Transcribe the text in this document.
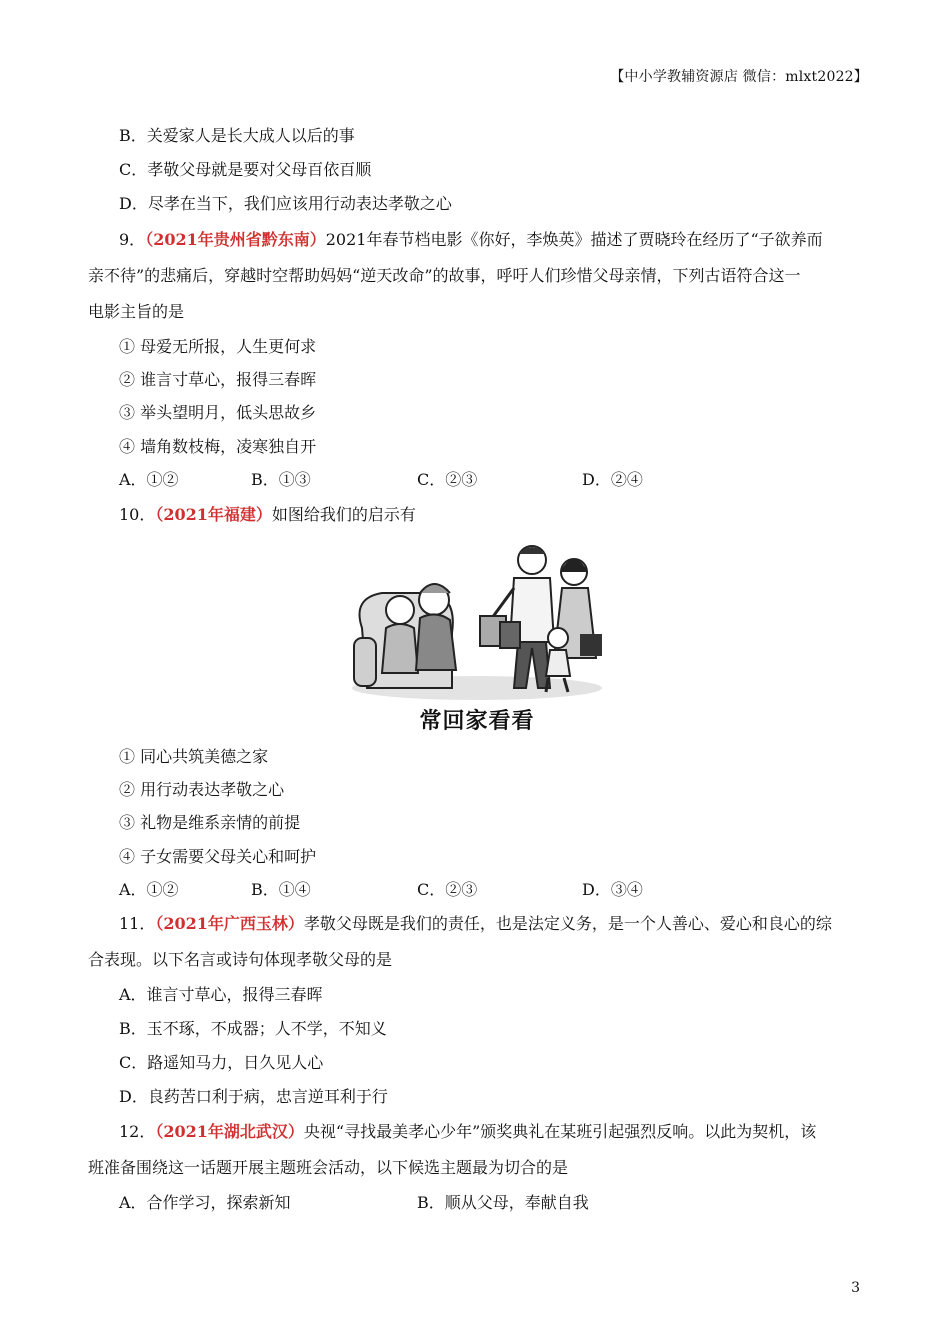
【中小学教辅资源店 微信：mlxt2022】
B．关爱家人是长大成人以后的事
C．孝敬父母就是要对父母百依百顺
D．尽孝在当下，我们应该用行动表达孝敬之心
9．（2021年贵州省黔东南）2021年春节档电影《你好，李焕英》描述了贾晓玲在经历了“子欲养而
亲不待”的悲痛后，穿越时空帮助妈妈“逆天改命”的故事，呼吁人们珍惜父母亲情，下列古语符合这一
电影主旨的是
① 母爱无所报，人生更何求
② 谁言寸草心，报得三春晖
③ 举头望明月，低头思故乡
④ 墙角数枝梅，凌寒独自开
A．①②	B．①③	C．②③	D．②④
10．（2021年福建）如图给我们的启示有
常回家看看
① 同心共筑美德之家
② 用行动表达孝敬之心
③ 礼物是维系亲情的前提
④ 子女需要父母关心和呵护
A．①②	B．①④	C．②③	D．③④
11．（2021年广西玉林）孝敬父母既是我们的责任，也是法定义务，是一个人善心、爱心和良心的综
合表现。以下名言或诗句体现孝敬父母的是
A．谁言寸草心，报得三春晖
B．玉不琢，不成器；人不学，不知义
C．路遥知马力，日久见人心
D．良药苦口利于病，忠言逆耳利于行
12．（2021年湖北武汉）央视“寻找最美孝心少年”颁奖典礼在某班引起强烈反响。以此为契机，该
班准备围绕这一话题开展主题班会活动，以下候选主题最为切合的是
A．合作学习，探索新知	B．顺从父母，奉献自我
3
